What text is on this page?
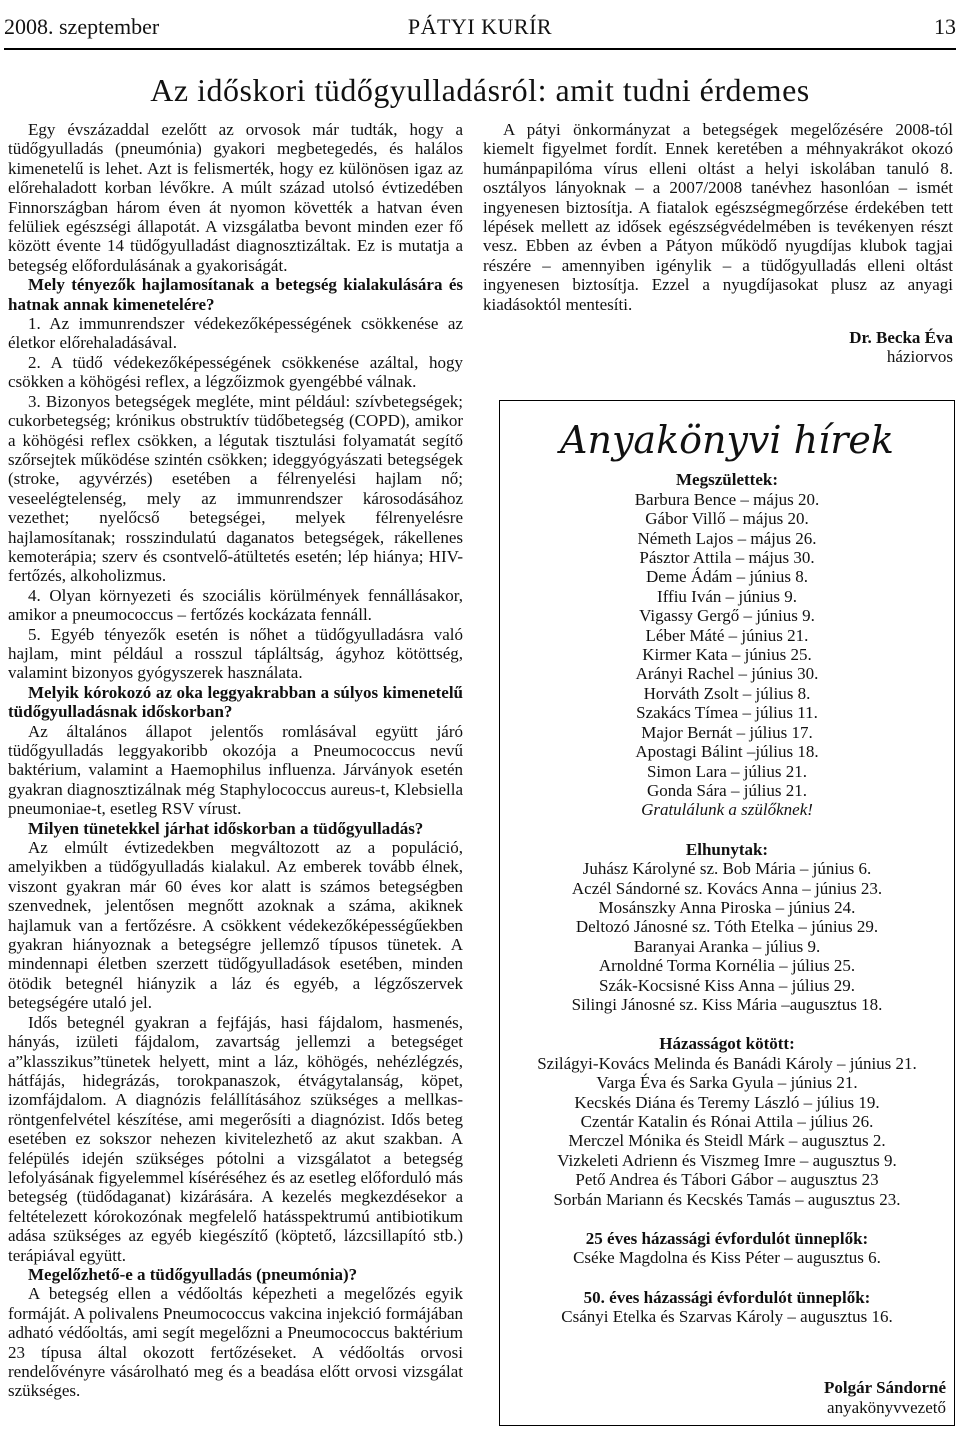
2008. szeptember	PÁTYI KURÍR	13
Az időskori tüdőgyulladásról: amit tudni érdemes

Egy évszázaddal ezelőtt az orvosok már tudták, hogy a tüdőgyulladás (pneumónia) gyakori megbetegedés, és halálos kimenetelű is lehet. Azt is felismerték, hogy ez különösen igaz az előrehaladott korban lévőkre. A múlt század utolsó évtizedében Finnországban három éven át nyomon követték a hatvan éven felüliek egészségi állapotát. A vizsgálatba bevont minden ezer fő között évente 14 tüdőgyulladást diagnosztizáltak. Ez is mutatja a betegség előfordulásának a gyakoriságát.

Mely tényezők hajlamosítanak a betegség kialakulására és hatnak annak kimenetelére?

1. Az immunrendszer védekezőképességének csökkenése az életkor előrehaladásával.

2. A tüdő védekezőképességének csökkenése azáltal, hogy csökken a köhögési reflex, a légzőizmok gyengébbé válnak.

3. Bizonyos betegségek megléte, mint például: szívbetegségek; cukorbetegség; krónikus obstruktív tüdőbetegség (COPD), amikor a köhögési reflex csökken, a légutak tisztulási folyamatát segítő szőrsejtek működése szintén csökken; ideggyógyászati betegségek (stroke, agyvérzés) esetében a félrenyelési hajlam nő; veseelégtelenség, mely az immunrendszer károsodásához vezethet; nyelőcső betegségei, melyek félrenyelésre hajlamosítanak; rosszindulatú daganatos betegségek, rákellenes kemoterápia; szerv és csontvelő-átültetés esetén; lép hiánya; HIV-fertőzés, alkoholizmus.

4. Olyan környezeti és szociális körülmények fennállásakor, amikor a pneumococcus – fertőzés kockázata fennáll.

5. Egyéb tényezők esetén is nőhet a tüdőgyulladásra való hajlam, mint például a rosszul tápláltság, ágyhoz kötöttség, valamint bizonyos gyógyszerek használata.

Melyik kórokozó az oka leggyakrabban a súlyos kimenetelű tüdőgyulladásnak időskorban?

Az általános állapot jelentős romlásával együtt járó tüdőgyulladás leggyakoribb okozója a Pneumococcus nevű baktérium, valamint a Haemophilus influenza. Járványok esetén gyakran diagnosztizálnak még Staphylococcus aureus-t, Klebsiella pneumoniae-t, esetleg RSV vírust.

Milyen tünetekkel járhat időskorban a tüdőgyulladás?

Az elmúlt évtizedekben megváltozott az a populáció, amelyikben a tüdőgyulladás kialakul. Az emberek tovább élnek, viszont gyakran már 60 éves kor alatt is számos betegségben szenvednek, jelentősen megnőtt azoknak a száma, akiknek hajlamuk van a fertőzésre. A csökkent védekezőképességűekben gyakran hiányoznak a betegségre jellemző típusos tünetek. A mindennapi életben szerzett tüdőgyulladások esetében, minden ötödik betegnél hiányzik a láz és egyéb, a légzőszervek betegségére utaló jel.

Idős betegnél gyakran a fejfájás, hasi fájdalom, hasmenés, hányás, izületi fájdalom, zavartság jellemzi a betegséget a”klasszikus”tünetek helyett, mint a láz, köhögés, nehézlégzés, hátfájás, hidegrázás, torokpanaszok, étvágytalanság, köpet, izomfájdalom. A diagnózis felállításához szükséges a mellkas-röntgenfelvétel készítése, ami megerősíti a diagnózist. Idős beteg esetében ez sokszor nehezen kivitelezhető az akut szakban. A felépülés idején szükséges pótolni a vizsgálatot a betegség lefolyásának figyelemmel kíséréséhez és az esetleg előforduló más betegség (tüdődaganat) kizárására. A kezelés megkezdésekor a feltételezett kórokozónak megfelelő hatásspektrumú antibiotikum adása szükséges az egyéb kiegészítő (köptető, lázcsillapító stb.) terápiával együtt.

Megelőzhető-e a tüdőgyulladás (pneumónia)?

A betegség ellen a védőoltás képezheti a megelőzés egyik formáját. A polivalens Pneumococcus vakcina injekció formájában adható védőoltás, ami segít megelőzni a Pneumococcus baktérium 23 típusa által okozott fertőzéseket. A védőoltás orvosi rendelővényre vásárolható meg és a beadása előtt orvosi vizsgálat szükséges.

A pátyi önkormányzat a betegségek megelőzésére 2008-tól kiemelt figyelmet fordít. Ennek keretében a méhnyakrákot okozó humánpapilóma vírus elleni oltást a helyi iskolában tanuló 8. osztályos lányoknak – a 2007/2008 tanévhez hasonlóan – ismét ingyenesen biztosítja. A fiatalok egészségmegőrzése érdekében tett lépések mellett az idősek egészségvédelmében is tevékenyen részt vesz. Ebben az évben a Pátyon működő nyugdíjas klubok tagjai részére – amennyiben igénylik – a tüdőgyulladás elleni oltást ingyenesen biztosítja. Ezzel a nyugdíjasokat plusz az anyagi kiadásoktól mentesíti.

Dr. Becka Éva
háziorvos
Anyakönyvi hírek
Megszülettek:
Barbura Bence – május 20.
Gábor Villő – május 20.
Németh Lajos – május 26.
Pásztor Attila – május 30.
Deme Ádám – június 8.
Iffiu Iván – június 9.
Vigassy Gergő – június 9.
Léber Máté – június 21.
Kirmer Kata – június 25.
Arányi Rachel – június 30.
Horváth Zsolt – július 8.
Szakács Tímea – július 11.
Major Bernát – július 17.
Apostagi Bálint –július 18.
Simon Lara – július 21.
Gonda Sára – július 21.
Gratulálunk a szülőknek!
Elhunytak:
Juhász Károlyné sz. Bob Mária – június 6.
Aczél Sándorné sz. Kovács Anna – június 23.
Mosánszky Anna Piroska – június 24.
Deltozó Jánosné sz. Tóth Etelka – június 29.
Baranyai Aranka – július 9.
Arnoldné Torma Kornélia – július 25.
Szák-Kocsisné Kiss Anna – július 29.
Silingi Jánosné sz. Kiss Mária –augusztus 18.
Házasságot kötött:
Szilágyi-Kovács Melinda és Banádi Károly – június 21.
Varga Éva és Sarka Gyula – június 21.
Kecskés Diána és Teremy László – július 19.
Czentár Katalin és Rónai Attila – július 26.
Merczel Mónika és Steidl Márk – augusztus 2.
Vizkeleti Adrienn és Viszmeg Imre – augusztus 9.
Pető Andrea és Tábori Gábor – augusztus 23
Sorbán Mariann és Kecskés Tamás – augusztus 23.
25 éves házassági évfordulót ünneplők:
Cséke Magdolna és Kiss Péter – augusztus 6.
50. éves házassági évfordulót ünneplők:
Csányi Etelka és Szarvas Károly – augusztus 16.
Polgár Sándorné
anyakönyvvezető
